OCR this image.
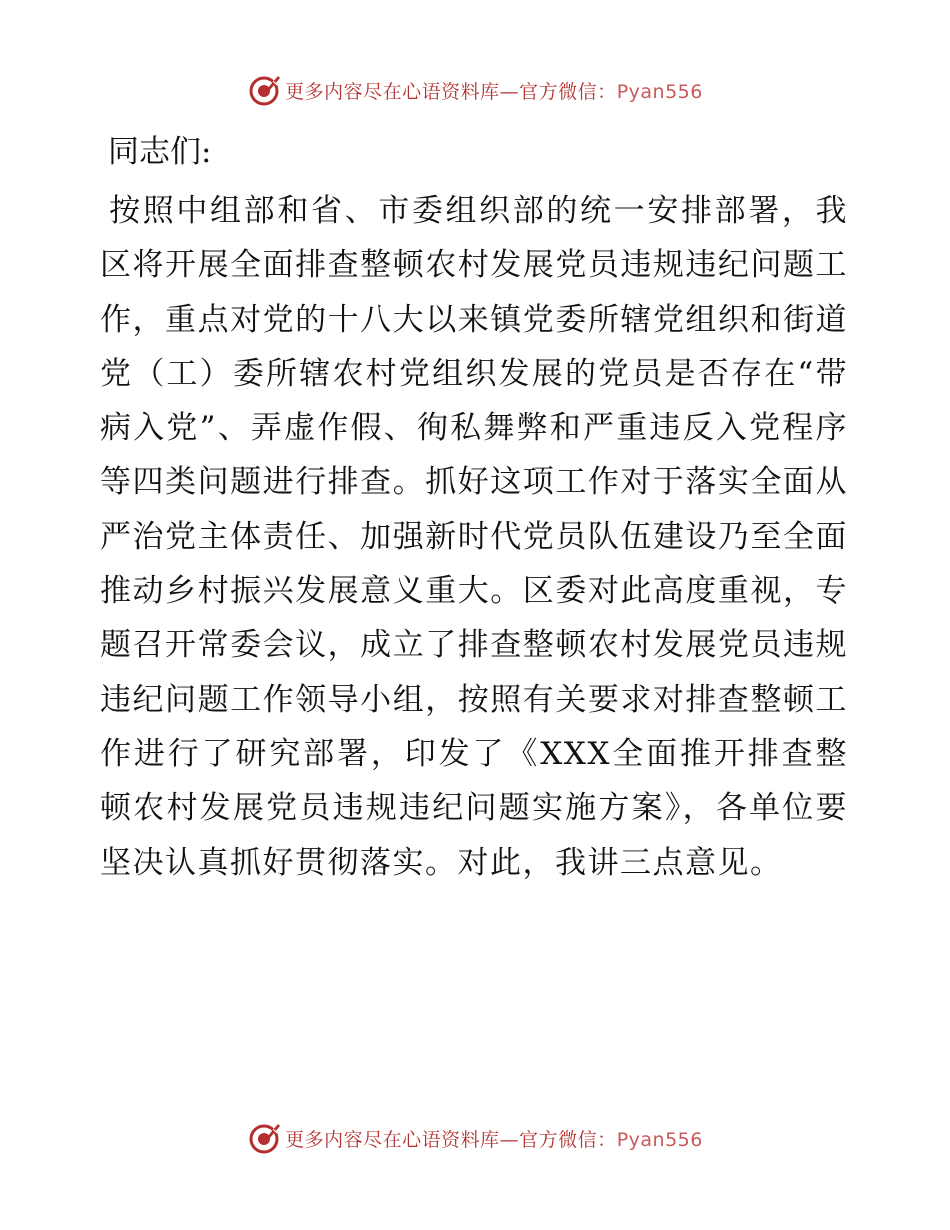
更多内容尽在心语资料库—官方微信：Pyan556
同志们:

按照中组部和省、市委组织部的统一安排部署，我区将开展全面排查整顿农村发展党员违规违纪问题工作，重点对党的十八大以来镇党委所辖党组织和街道党（工）委所辖农村党组织发展的党员是否存在“带病入党”、弄虚作假、徇私舞弊和严重违反入党程序等四类问题进行排查。抓好这项工作对于落实全面从严治党主体责任、加强新时代党员队伍建设乃至全面推动乡村振兴发展意义重大。区委对此高度重视，专题召开常委会议，成立了排查整顿农村发展党员违规违纪问题工作领导小组，按照有关要求对排查整顿工作进行了研究部署，印发了《XXX全面推开排查整顿农村发展党员违规违纪问题实施方案》，各单位要坚决认真抓好贯彻落实。对此，我讲三点意见。

更多内容尽在心语资料库—官方微信：Pyan556
